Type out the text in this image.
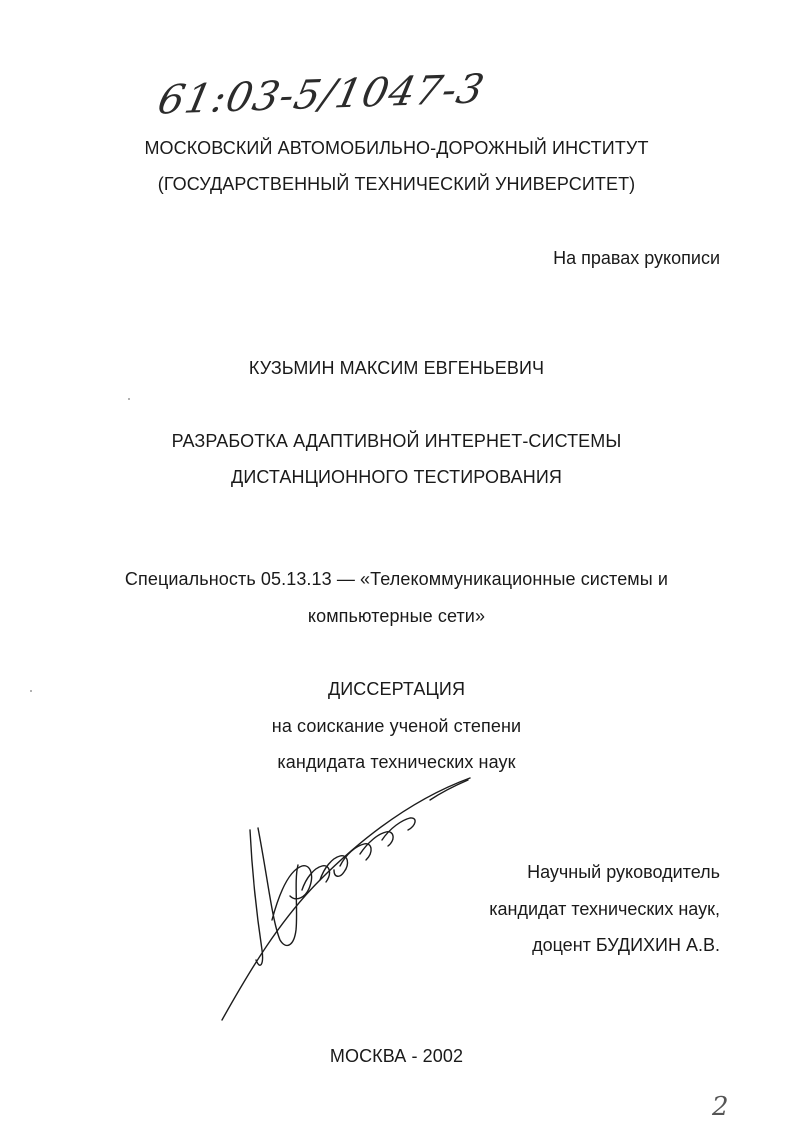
61:03-5/1047-3
МОСКОВСКИЙ АВТОМОБИЛЬНО-ДОРОЖНЫЙ ИНСТИТУТ
(ГОСУДАРСТВЕННЫЙ ТЕХНИЧЕСКИЙ УНИВЕРСИТЕТ)
На правах рукописи
КУЗЬМИН МАКСИМ ЕВГЕНЬЕВИЧ
РАЗРАБОТКА АДАПТИВНОЙ ИНТЕРНЕТ-СИСТЕМЫ
ДИСТАНЦИОННОГО ТЕСТИРОВАНИЯ
Специальность 05.13.13 — «Телекоммуникационные системы и
компьютерные сети»
ДИССЕРТАЦИЯ
на соискание ученой степени
кандидата технических наук
Научный руководитель
кандидат технических наук,
доцент БУДИХИН А.В.
МОСКВА - 2002
2
